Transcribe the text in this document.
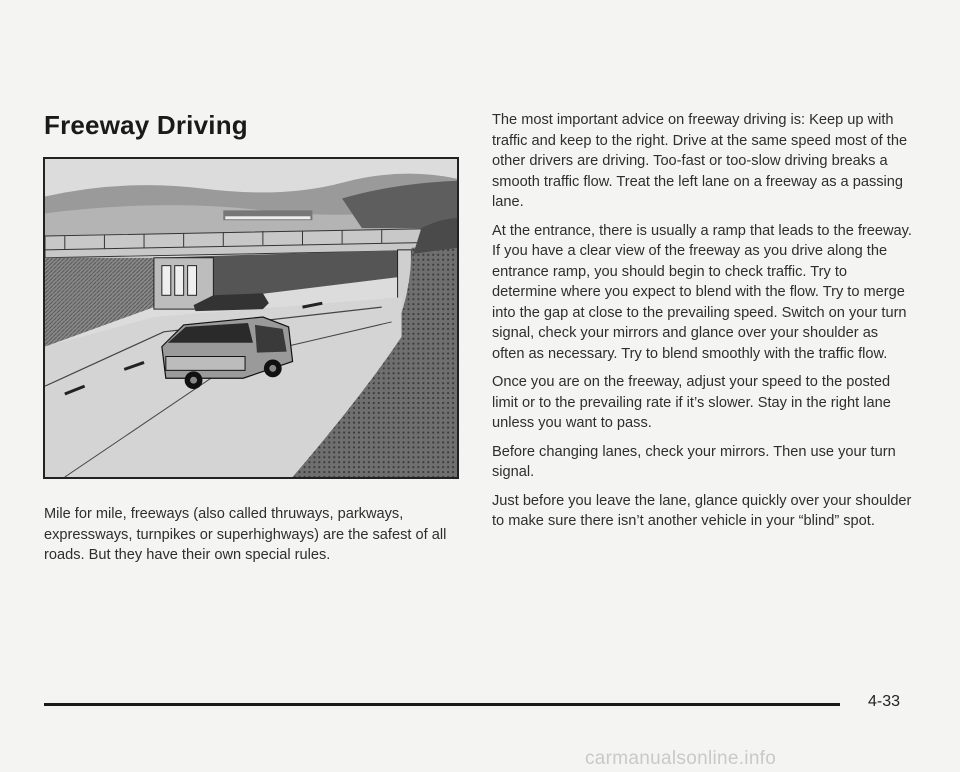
Freeway Driving

Mile for mile, freeways (also called thruways, parkways, expressways, turnpikes or superhighways) are the safest of all roads. But they have their own special rules.

The most important advice on freeway driving is: Keep up with traffic and keep to the right. Drive at the same speed most of the other drivers are driving. Too-fast or too-slow driving breaks a smooth traffic flow. Treat the left lane on a freeway as a passing lane.

At the entrance, there is usually a ramp that leads to the freeway. If you have a clear view of the freeway as you drive along the entrance ramp, you should begin to check traffic. Try to determine where you expect to blend with the flow. Try to merge into the gap at close to the prevailing speed. Switch on your turn signal, check your mirrors and glance over your shoulder as often as necessary. Try to blend smoothly with the traffic flow.

Once you are on the freeway, adjust your speed to the posted limit or to the prevailing rate if it’s slower. Stay in the right lane unless you want to pass.

Before changing lanes, check your mirrors. Then use your turn signal.

Just before you leave the lane, glance quickly over your shoulder to make sure there isn’t another vehicle in your “blind” spot.

4-33
carmanualsonline.info
